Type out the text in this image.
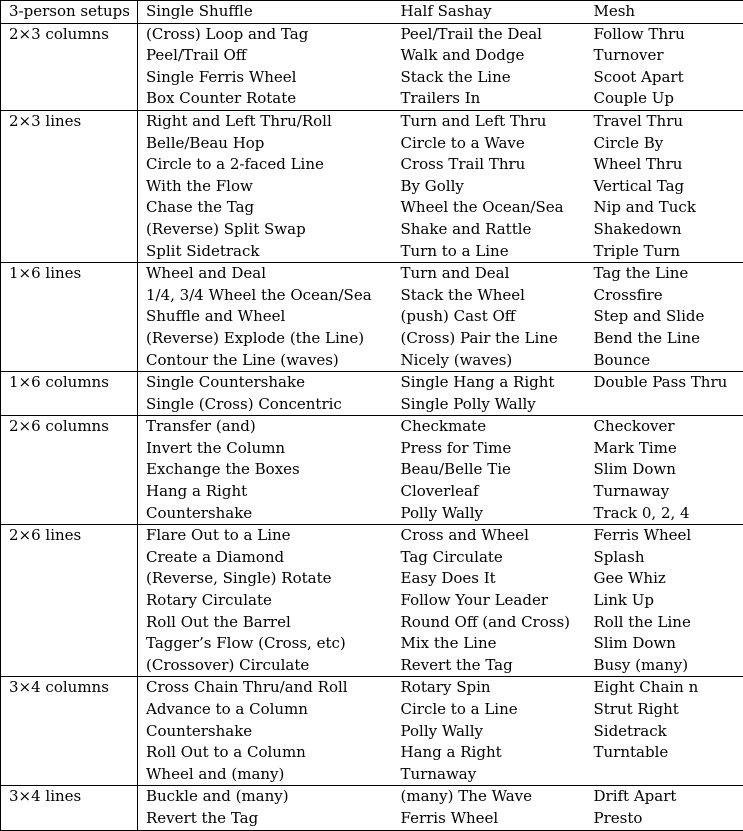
3-person setups	Single Shuffle	Half Sashay	Mesh
2×3 columns	(Cross) Loop and Tag	Peel/Trail the Deal	Follow Thru
	Peel/Trail Off	Walk and Dodge	Turnover
	Single Ferris Wheel	Stack the Line	Scoot Apart
	Box Counter Rotate	Trailers In	Couple Up
2×3 lines	Right and Left Thru/Roll	Turn and Left Thru	Travel Thru
	Belle/Beau Hop	Circle to a Wave	Circle By
	Circle to a 2-faced Line	Cross Trail Thru	Wheel Thru
	With the Flow	By Golly	Vertical Tag
	Chase the Tag	Wheel the Ocean/Sea	Nip and Tuck
	(Reverse) Split Swap	Shake and Rattle	Shakedown
	Split Sidetrack	Turn to a Line	Triple Turn
1×6 lines	Wheel and Deal	Turn and Deal	Tag the Line
	1/4, 3/4 Wheel the Ocean/Sea	Stack the Wheel	Crossfire
	Shuffle and Wheel	(push) Cast Off	Step and Slide
	(Reverse) Explode (the Line)	(Cross) Pair the Line	Bend the Line
	Contour the Line (waves)	Nicely (waves)	Bounce
1×6 columns	Single Countershake	Single Hang a Right	Double Pass Thru
	Single (Cross) Concentric	Single Polly Wally	
2×6 columns	Transfer (and)	Checkmate	Checkover
	Invert the Column	Press for Time	Mark Time
	Exchange the Boxes	Beau/Belle Tie	Slim Down
	Hang a Right	Cloverleaf	Turnaway
	Countershake	Polly Wally	Track 0, 2, 4
2×6 lines	Flare Out to a Line	Cross and Wheel	Ferris Wheel
	Create a Diamond	Tag Circulate	Splash
	(Reverse, Single) Rotate	Easy Does It	Gee Whiz
	Rotary Circulate	Follow Your Leader	Link Up
	Roll Out the Barrel	Round Off (and Cross)	Roll the Line
	Tagger’s Flow (Cross, etc)	Mix the Line	Slim Down
	(Crossover) Circulate	Revert the Tag	Busy (many)
3×4 columns	Cross Chain Thru/and Roll	Rotary Spin	Eight Chain n
	Advance to a Column	Circle to a Line	Strut Right
	Countershake	Polly Wally	Sidetrack
	Roll Out to a Column	Hang a Right	Turntable
	Wheel and (many)	Turnaway	
3×4 lines	Buckle and (many)	(many) The Wave	Drift Apart
	Revert the Tag	Ferris Wheel	Presto
